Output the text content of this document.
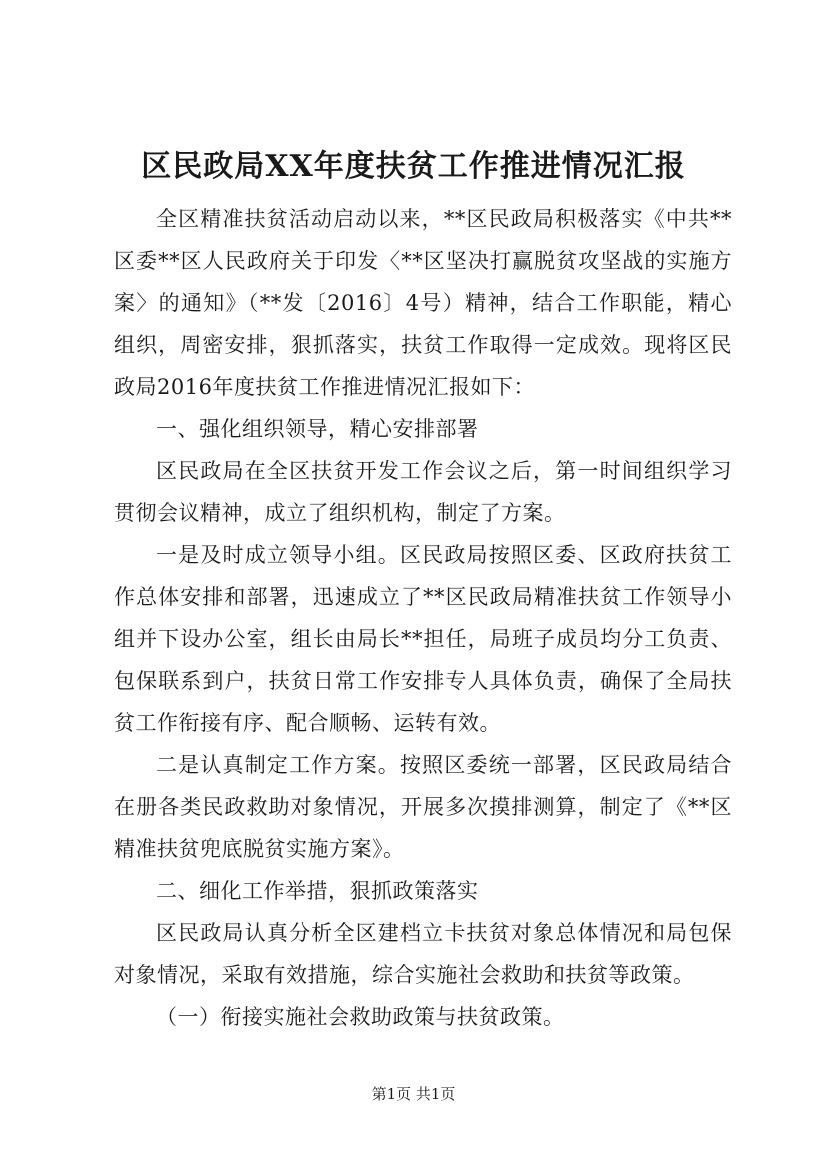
区民政局XX年度扶贫工作推进情况汇报

全区精准扶贫活动启动以来，**区民政局积极落实《中共**区委**区人民政府关于印发〈**区坚决打赢脱贫攻坚战的实施方案〉的通知》（**发〔2016〕4号）精神，结合工作职能，精心组织，周密安排，狠抓落实，扶贫工作取得一定成效。现将区民政局2016年度扶贫工作推进情况汇报如下：

一、强化组织领导，精心安排部署

区民政局在全区扶贫开发工作会议之后，第一时间组织学习贯彻会议精神，成立了组织机构，制定了方案。

一是及时成立领导小组。区民政局按照区委、区政府扶贫工作总体安排和部署，迅速成立了**区民政局精准扶贫工作领导小组并下设办公室，组长由局长**担任，局班子成员均分工负责、包保联系到户，扶贫日常工作安排专人具体负责，确保了全局扶贫工作衔接有序、配合顺畅、运转有效。

二是认真制定工作方案。按照区委统一部署，区民政局结合在册各类民政救助对象情况，开展多次摸排测算，制定了《**区精准扶贫兜底脱贫实施方案》。

二、细化工作举措，狠抓政策落实

区民政局认真分析全区建档立卡扶贫对象总体情况和局包保对象情况，采取有效措施，综合实施社会救助和扶贫等政策。

（一）衔接实施社会救助政策与扶贫政策。

第1页 共1页
